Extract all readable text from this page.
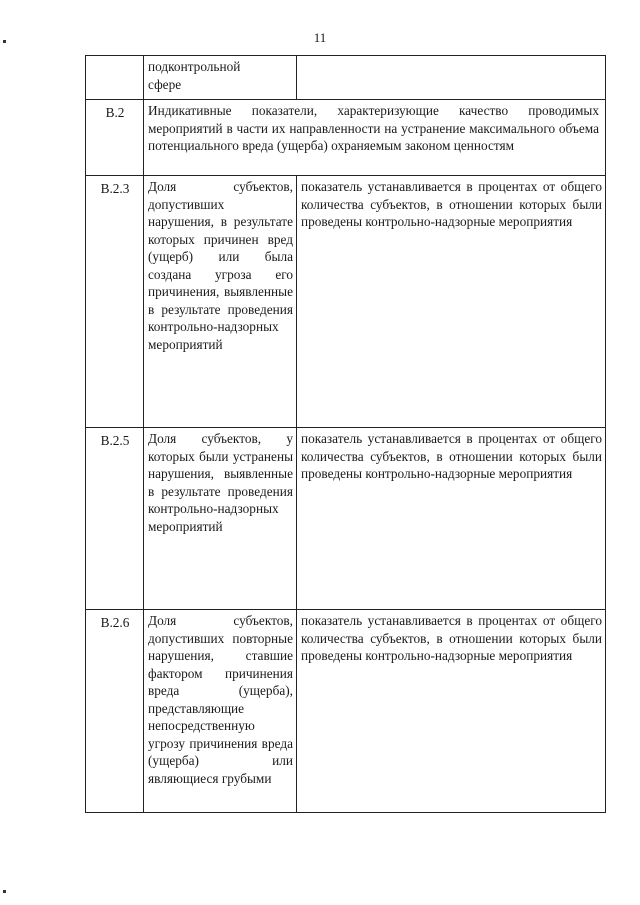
11

	подконтрольной сфере	

В.2	Индикативные показатели, характеризующие качество проводимых мероприятий в части их направленности на устранение максимального объема потенциального вреда (ущерба) охраняемым законом ценностям	

В.2.3	Доля субъектов, допустивших нарушения, в результате которых причинен вред (ущерб) или была создана угроза его причинения, выявленные в результате проведения контрольно-надзорных мероприятий	показатель устанавливается в процентах от общего количества субъектов, в отношении которых были проведены контрольно-надзорные мероприятия

В.2.5	Доля субъектов, у которых были устранены нарушения, выявленные в результате проведения контрольно-надзорных мероприятий	показатель устанавливается в процентах от общего количества субъектов, в отношении которых были проведены контрольно-надзорные мероприятия

В.2.6	Доля субъектов, допустивших повторные нарушения, ставшие фактором причинения вреда (ущерба), представляющие непосредственную угрозу причинения вреда (ущерба) или являющиеся грубыми	показатель устанавливается в процентах от общего количества субъектов, в отношении которых были проведены контрольно-надзорные мероприятия
